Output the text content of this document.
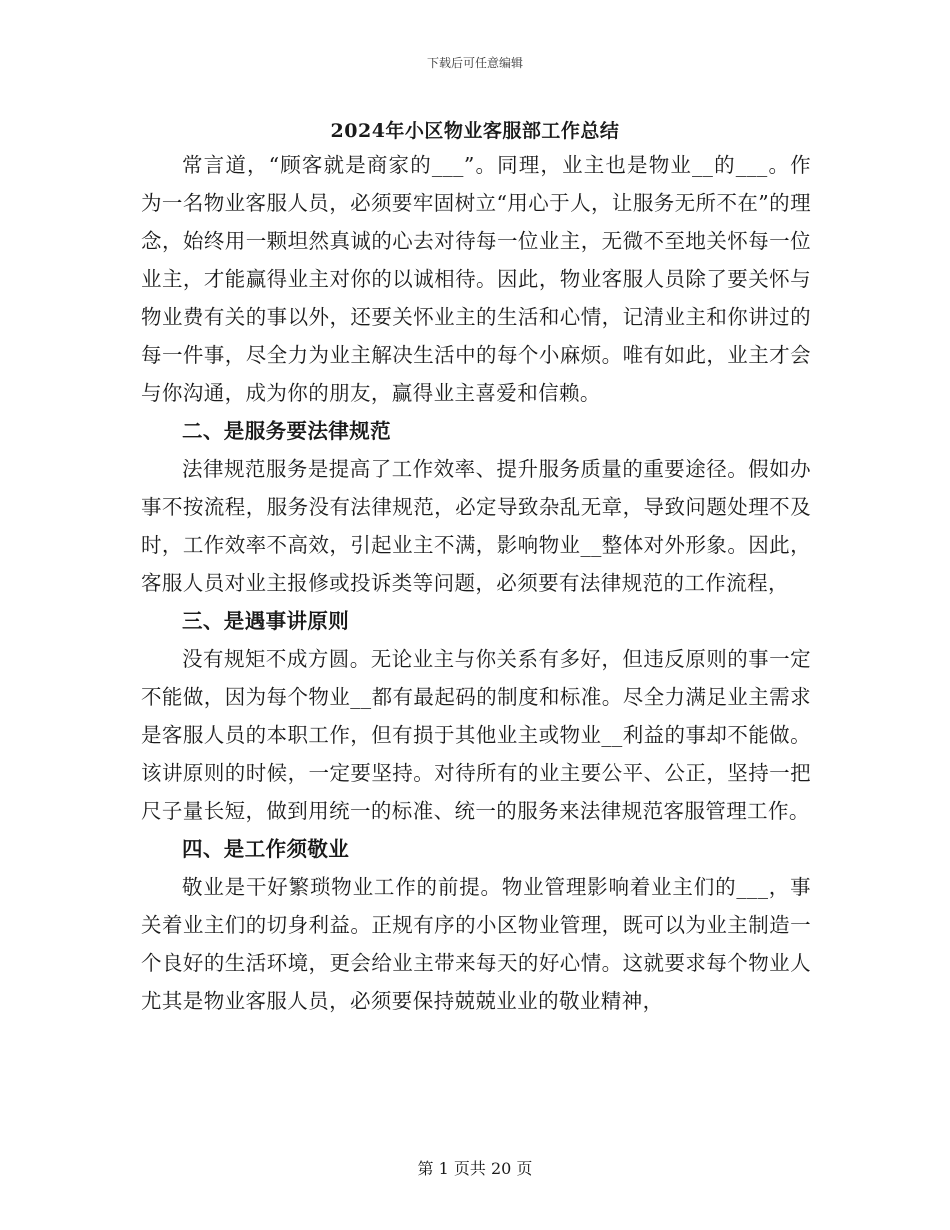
下载后可任意编辑
2024年小区物业客服部工作总结

常言道，“顾客就是商家的___”。同理，业主也是物业__的___。作为一名物业客服人员，必须要牢固树立“用心于人，让服务无所不在”的理念，始终用一颗坦然真诚的心去对待每一位业主，无微不至地关怀每一位业主，才能赢得业主对你的以诚相待。因此，物业客服人员除了要关怀与物业费有关的事以外，还要关怀业主的生活和心情，记清业主和你讲过的每一件事，尽全力为业主解决生活中的每个小麻烦。唯有如此，业主才会与你沟通，成为你的朋友，赢得业主喜爱和信赖。

二、是服务要法律规范

法律规范服务是提高了工作效率、提升服务质量的重要途径。假如办事不按流程，服务没有法律规范，必定导致杂乱无章，导致问题处理不及时，工作效率不高效，引起业主不满，影响物业__整体对外形象。因此，客服人员对业主报修或投诉类等问题，必须要有法律规范的工作流程，

三、是遇事讲原则

没有规矩不成方圆。无论业主与你关系有多好，但违反原则的事一定不能做，因为每个物业__都有最起码的制度和标准。尽全力满足业主需求是客服人员的本职工作，但有损于其他业主或物业__利益的事却不能做。该讲原则的时候，一定要坚持。对待所有的业主要公平、公正，坚持一把尺子量长短，做到用统一的标准、统一的服务来法律规范客服管理工作。

四、是工作须敬业

敬业是干好繁琐物业工作的前提。物业管理影响着业主们的___，事关着业主们的切身利益。正规有序的小区物业管理，既可以为业主制造一个良好的生活环境，更会给业主带来每天的好心情。这就要求每个物业人尤其是物业客服人员，必须要保持兢兢业业的敬业精神，

第 1 页共 20 页
